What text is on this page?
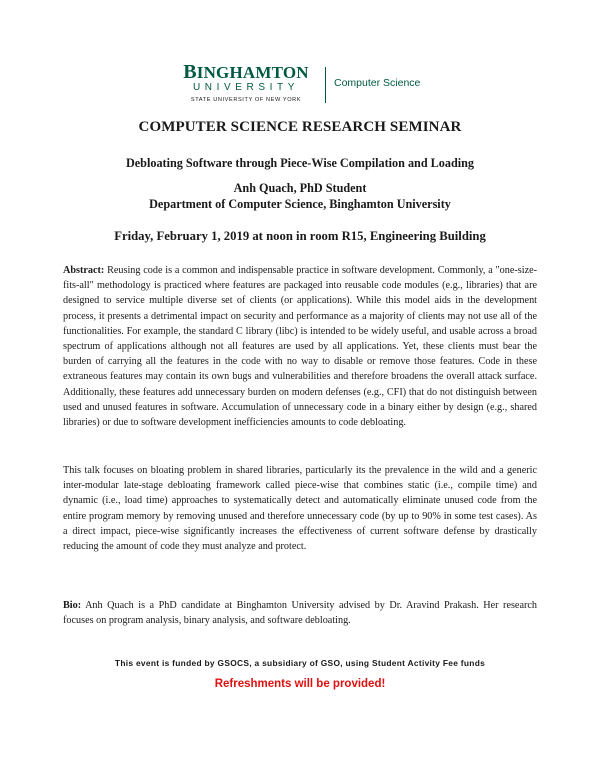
BINGHAMTON
UNIVERSITY
STATE UNIVERSITY OF NEW YORK
Computer Science
COMPUTER SCIENCE RESEARCH SEMINAR
Debloating Software through Piece-Wise Compilation and Loading
Anh Quach, PhD Student
Department of Computer Science, Binghamton University
Friday, February 1, 2019 at noon in room R15, Engineering Building

Abstract: Reusing code is a common and indispensable practice in software development. Commonly, a "one-size-fits-all" methodology is practiced where features are packaged into reusable code modules (e.g., libraries) that are designed to service multiple diverse set of clients (or applications). While this model aids in the development process, it presents a detrimental impact on security and performance as a majority of clients may not use all of the functionalities. For example, the standard C library (libc) is intended to be widely useful, and usable across a broad spectrum of applications although not all features are used by all applications. Yet, these clients must bear the burden of carrying all the features in the code with no way to disable or remove those features. Code in these extraneous features may contain its own bugs and vulnerabilities and therefore broadens the overall attack surface. Additionally, these features add unnecessary burden on modern defenses (e.g., CFI) that do not distinguish between used and unused features in software. Accumulation of unnecessary code in a binary either by design (e.g., shared libraries) or due to software development inefficiencies amounts to code debloating.

This talk focuses on bloating problem in shared libraries, particularly its the prevalence in the wild and a generic inter-modular late-stage debloating framework called piece-wise that combines static (i.e., compile time) and dynamic (i.e., load time) approaches to systematically detect and automatically eliminate unused code from the entire program memory by removing unused and therefore unnecessary code (by up to 90% in some test cases). As a direct impact, piece-wise significantly increases the effectiveness of current software defense by drastically reducing the amount of code they must analyze and protect.

Bio: Anh Quach is a PhD candidate at Binghamton University advised by Dr. Aravind Prakash. Her research focuses on program analysis, binary analysis, and software debloating.

This event is funded by GSOCS, a subsidiary of GSO, using Student Activity Fee funds
Refreshments will be provided!
